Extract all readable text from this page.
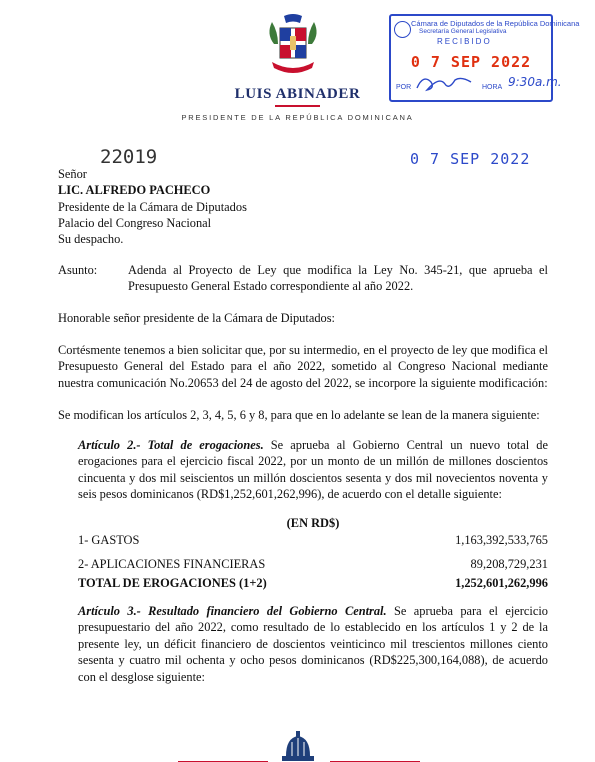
LUIS ABINADER
PRESIDENTE DE LA REPÚBLICA DOMINICANA
Cámara de Diputados de la República Dominicana
Secretaría General Legislativa
RECIBIDO
0 7 SEP 2022
POR	HORA 9:30a.m.
0 7 SEP 2022
Señor
22019
LIC. ALFREDO PACHECO
Presidente de la Cámara de Diputados
Palacio del Congreso Nacional
Su despacho.
Asunto: Adenda al Proyecto de Ley que modifica la Ley No. 345-21, que aprueba el Presupuesto General Estado correspondiente al año 2022.
Honorable señor presidente de la Cámara de Diputados:
Cortésmente tenemos a bien solicitar que, por su intermedio, en el proyecto de ley que modifica el Presupuesto General del Estado para el año 2022, sometido al Congreso Nacional mediante nuestra comunicación No.20653 del 24 de agosto del 2022, se incorpore la siguiente modificación:
Se modifican los artículos 2, 3, 4, 5, 6 y 8, para que en lo adelante se lean de la manera siguiente:
Artículo 2.- Total de erogaciones. Se aprueba al Gobierno Central un nuevo total de erogaciones para el ejercicio fiscal 2022, por un monto de un millón de millones doscientos cincuenta y dos mil seiscientos un millón doscientos sesenta y dos mil novecientos noventa y seis pesos dominicanos (RD$1,252,601,262,996), de acuerdo con el detalle siguiente:
(EN RD$)
1- GASTOS	1,163,392,533,765
2- APLICACIONES FINANCIERAS	89,208,729,231
TOTAL DE EROGACIONES (1+2)	1,252,601,262,996
Artículo 3.- Resultado financiero del Gobierno Central. Se aprueba para el ejercicio presupuestario del año 2022, como resultado de lo establecido en los artículos 1 y 2 de la presente ley, un déficit financiero de doscientos veinticinco mil trescientos millones ciento sesenta y cuatro mil ochenta y ocho pesos dominicanos (RD$225,300,164,088), de acuerdo con el desglose siguiente:
